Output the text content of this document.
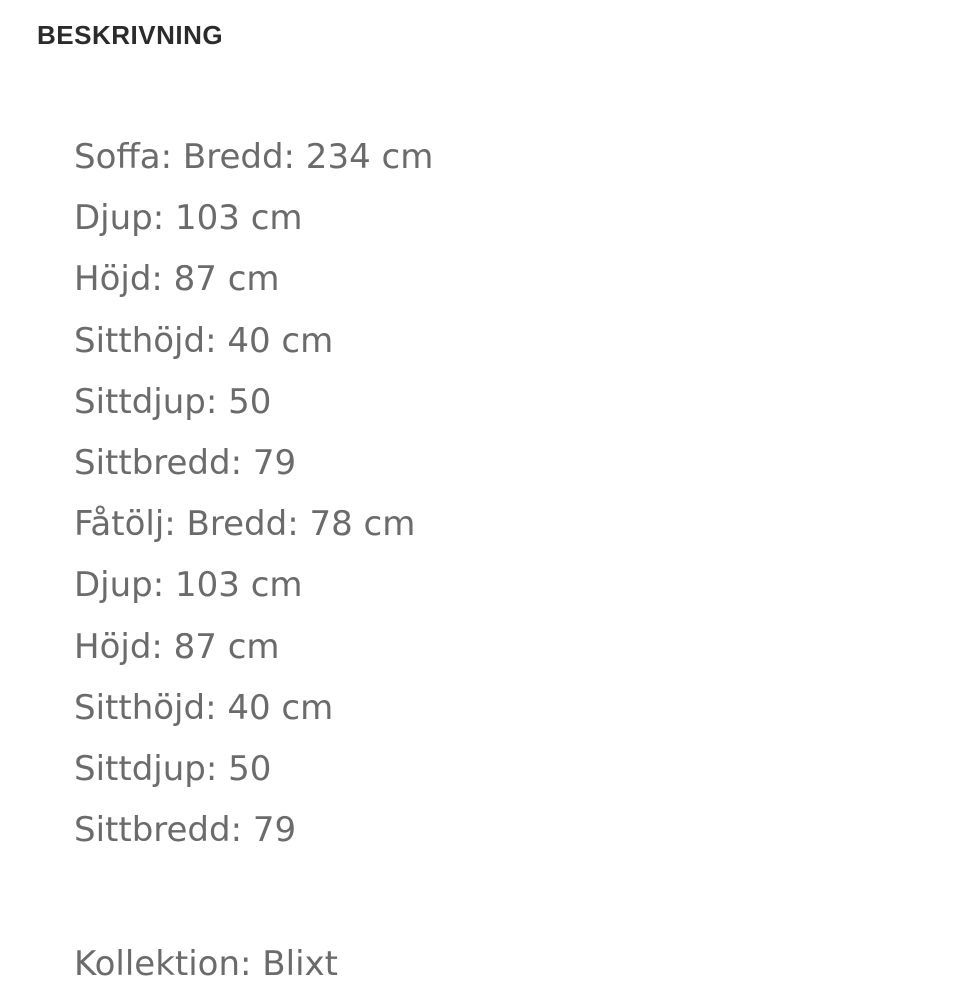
BESKRIVNING
Soffa: Bredd: 234 cm
Djup: 103 cm
Höjd: 87 cm
Sitthöjd: 40 cm
Sittdjup: 50
Sittbredd: 79
Fåtölj: Bredd: 78 cm
Djup: 103 cm
Höjd: 87 cm
Sitthöjd: 40 cm
Sittdjup: 50
Sittbredd: 79

Kollektion: Blixt
